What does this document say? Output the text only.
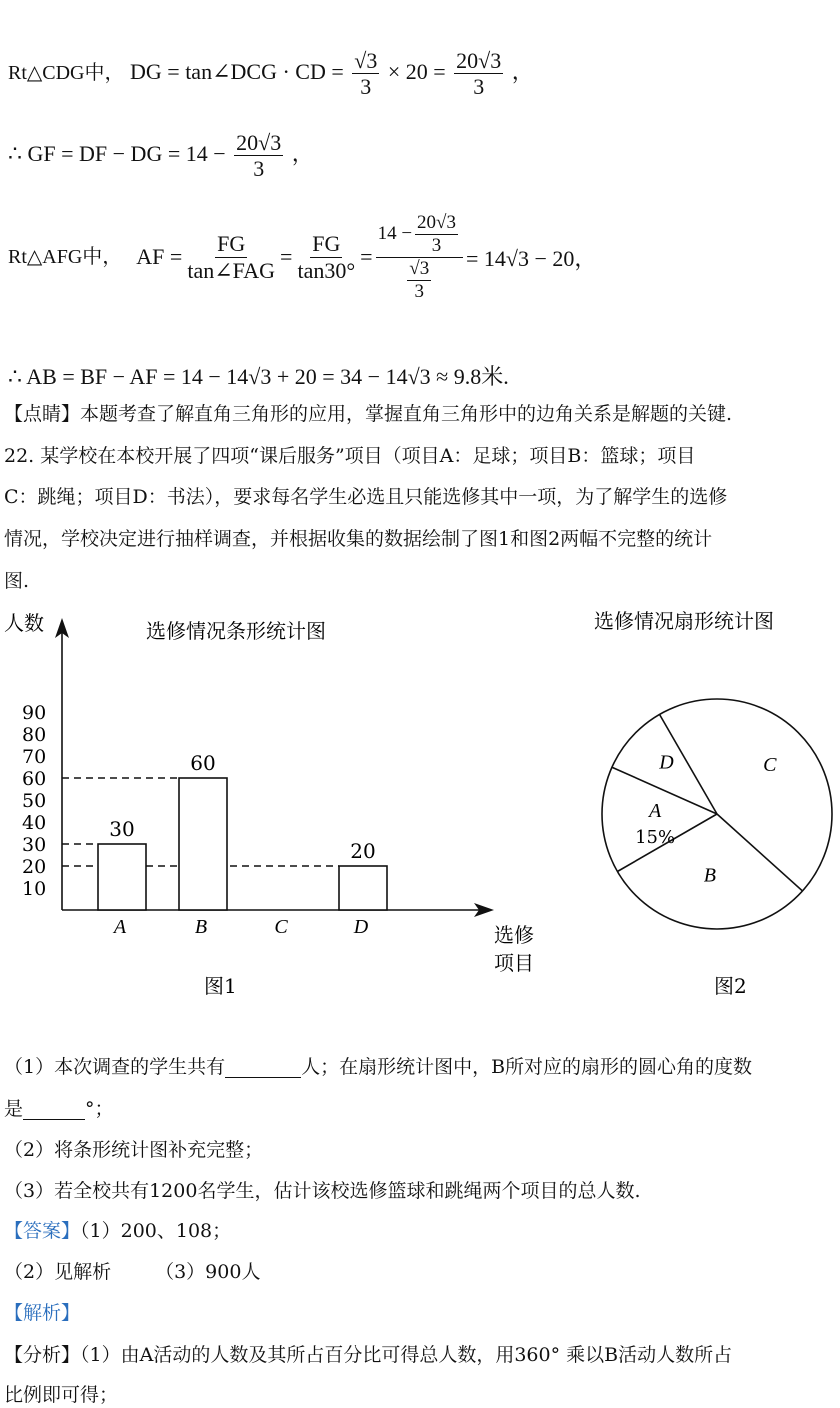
Rt△CDG中， DG = tan∠DCG · CD = $\frac{√3}{3} \times 20 = \frac{20√3}{3}$ ，
∴ GF = DF − DG = $14 - \frac{20√3}{3}$ ，
Rt△AFG中， AF = $\frac{FG}{\text{tan∠FAG}} = \frac{FG}{\tan 30^\circ} = \frac{14 - \frac{20√3}{3}}{\frac{√3}{3}} = 14√3 - 20$，
∴ AB = BF − AF = 14 − 14√3 + 20 = 34 − 14√3 ≈ 9.8米.
【点睛】本题考查了解直角三角形的应用，掌握直角三角形中的边角关系是解题的关键.
22. 某学校在本校开展了四项“课后服务”项目（项目A：足球；项目B：篮球；项目
C：跳绳；项目D：书法），要求每名学生必选且只能选修其中一项，为了解学生的选修
情况，学校决定进行抽样调查，并根据收集的数据绘制了图1和图2两幅不完整的统计
图.
人数	选修情况条形统计图
10
20
30
40
50
60
70
80
90
30
60
20
A	B	C	D	选修
项目
图1
选修情况扇形统计图
A
15%
D	C
B
图2
（1）本次调查的学生共有	人；在扇形统计图中，B所对应的扇形的圆心角的度数
是	°；
（2）将条形统计图补充完整；
（3）若全校共有1200名学生，估计该校选修篮球和跳绳两个项目的总人数.
【答案】（1）200、108；
（2）见解析 （3）900人
【解析】
【分析】（1）由A活动的人数及其所占百分比可得总人数，用360° 乘以B活动人数所占
比例即可得；
